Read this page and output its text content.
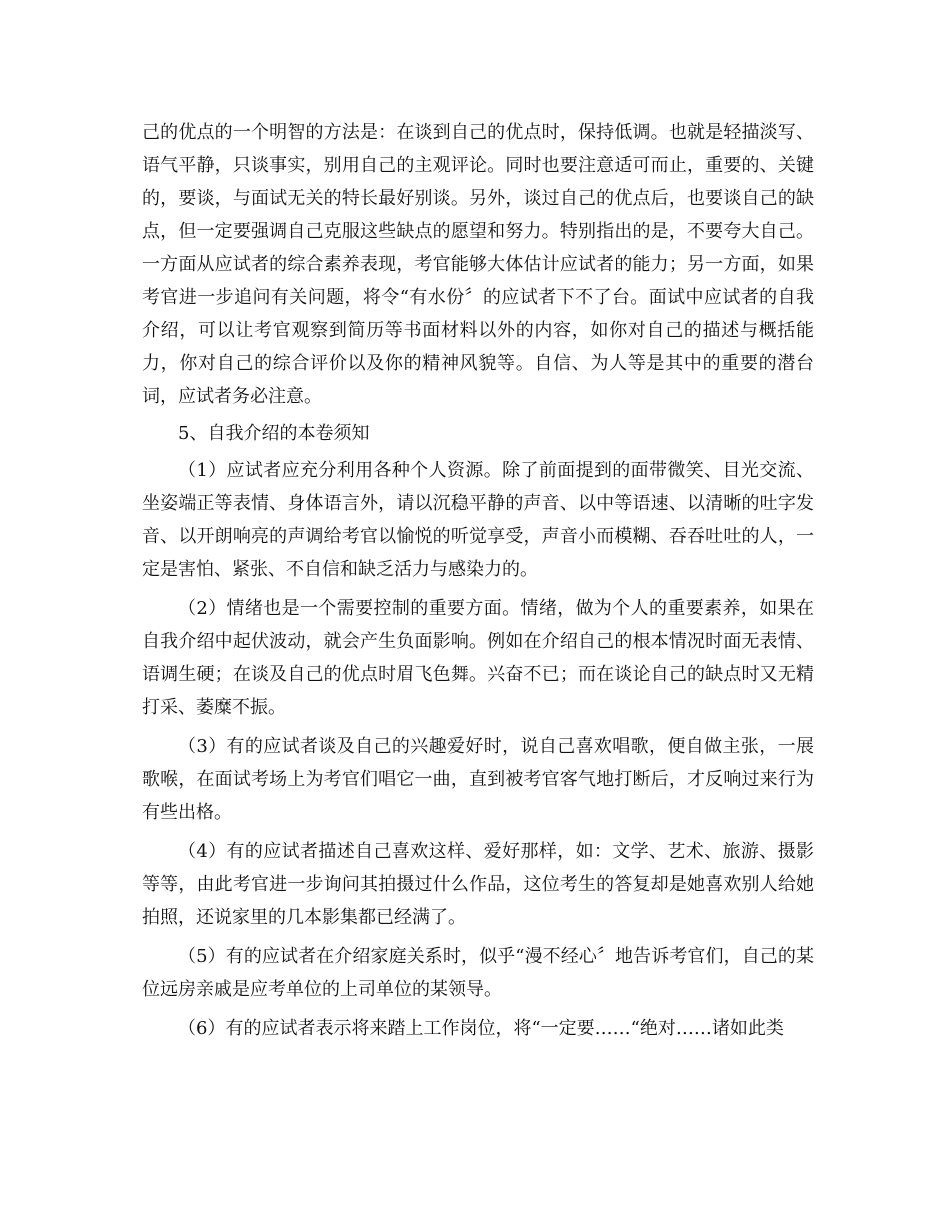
己的优点的一个明智的方法是：在谈到自己的优点时，保持低调。也就是轻描淡写、语气平静，只谈事实，别用自己的主观评论。同时也要注意适可而止，重要的、关键的，要谈，与面试无关的特长最好别谈。另外，谈过自己的优点后，也要谈自己的缺点，但一定要强调自己克服这些缺点的愿望和努力。特别指出的是，不要夸大自己。一方面从应试者的综合素养表现，考官能够大体估计应试者的能力；另一方面，如果考官进一步追问有关问题，将令“有水份〞的应试者下不了台。面试中应试者的自我介绍，可以让考官观察到简历等书面材料以外的内容，如你对自己的描述与概括能力，你对自己的综合评价以及你的精神风貌等。自信、为人等是其中的重要的潜台词，应试者务必注意。

5、自我介绍的本卷须知

（1）应试者应充分利用各种个人资源。除了前面提到的面带微笑、目光交流、坐姿端正等表情、身体语言外，请以沉稳平静的声音、以中等语速、以清晰的吐字发音、以开朗响亮的声调给考官以愉悦的听觉享受，声音小而模糊、吞吞吐吐的人，一定是害怕、紧张、不自信和缺乏活力与感染力的。

（2）情绪也是一个需要控制的重要方面。情绪，做为个人的重要素养，如果在自我介绍中起伏波动，就会产生负面影响。例如在介绍自己的根本情况时面无表情、语调生硬；在谈及自己的优点时眉飞色舞。兴奋不已；而在谈论自己的缺点时又无精打采、萎糜不振。

（3）有的应试者谈及自己的兴趣爱好时，说自己喜欢唱歌，便自做主张，一展歌喉，在面试考场上为考官们唱它一曲，直到被考官客气地打断后，才反响过来行为有些出格。

（4）有的应试者描述自己喜欢这样、爱好那样，如：文学、艺术、旅游、摄影等等，由此考官进一步询问其拍摄过什么作品，这位考生的答复却是她喜欢别人给她拍照，还说家里的几本影集都已经满了。

（5）有的应试者在介绍家庭关系时，似乎“漫不经心〞地告诉考官们，自己的某位远房亲戚是应考单位的上司单位的某领导。

（6）有的应试者表示将来踏上工作岗位，将“一定要……“绝对……诸如此类
